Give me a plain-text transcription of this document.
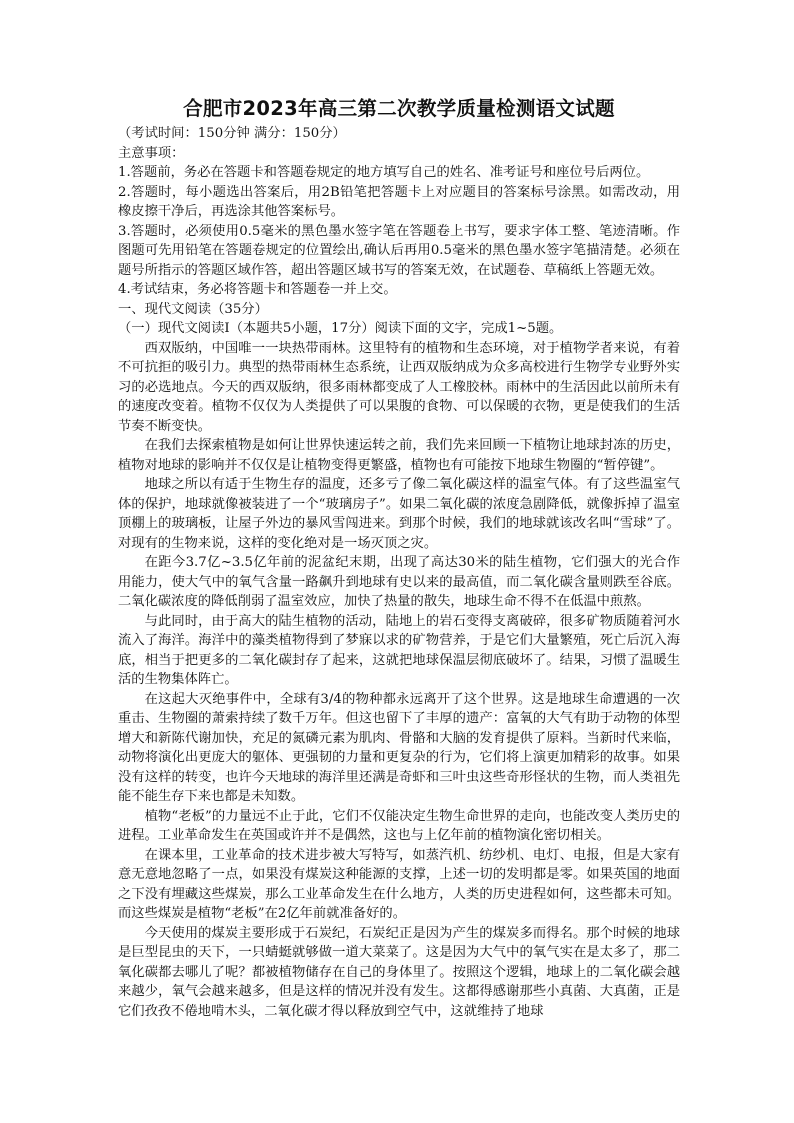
合肥市2023年高三第二次教学质量检测语文试题

（考试时间：150分钟 满分：150分）

主意事项：

1.答题前，务必在答题卡和答题卷规定的地方填写自己的姓名、准考证号和座位号后两位。

2.答题时，每小题选出答案后，用2B铅笔把答题卡上对应题目的答案标号涂黑。如需改动，用橡皮擦干净后，再选涂其他答案标号。

3.答题时，必须使用0.5毫米的黑色墨水签字笔在答题卷上书写，要求字体工整、笔迹清晰。作图题可先用铅笔在答题卷规定的位置绘出,确认后再用0.5毫米的黑色墨水签字笔描清楚。必须在题号所指示的答题区域作答，超出答题区域书写的答案无效，在试题卷、草稿纸上答题无效。

4.考试结束，务必将答题卡和答题卷一并上交。

一、现代文阅读（35分）

（一）现代文阅读Ⅰ（本题共5小题，17分）阅读下面的文字，完成1~5题。

西双版纳，中国唯一一块热带雨林。这里特有的植物和生态环境，对于植物学者来说，有着不可抗拒的吸引力。典型的热带雨林生态系统，让西双版纳成为众多高校进行生物学专业野外实习的必选地点。今天的西双版纳，很多雨林都变成了人工橡胶林。雨林中的生活因此以前所未有的速度改变着。植物不仅仅为人类提供了可以果腹的食物、可以保暖的衣物，更是使我们的生活节奏不断变快。

在我们去探索植物是如何让世界快速运转之前，我们先来回顾一下植物让地球封冻的历史，植物对地球的影响并不仅仅是让植物变得更繁盛，植物也有可能按下地球生物圈的“暂停键”。

地球之所以有适于生物生存的温度，还多亏了像二氧化碳这样的温室气体。有了这些温室气体的保护，地球就像被装进了一个“玻璃房子”。如果二氧化碳的浓度急剧降低，就像拆掉了温室顶棚上的玻璃板，让屋子外边的暴风雪闯进来。到那个时候，我们的地球就该改名叫“雪球”了。对现有的生物来说，这样的变化绝对是一场灭顶之灾。

在距今3.7亿~3.5亿年前的泥盆纪末期，出现了高达30米的陆生植物，它们强大的光合作用能力，使大气中的氧气含量一路飙升到地球有史以来的最高值，而二氧化碳含量则跌至谷底。二氧化碳浓度的降低削弱了温室效应，加快了热量的散失，地球生命不得不在低温中煎熬。

与此同时，由于高大的陆生植物的活动，陆地上的岩石变得支离破碎，很多矿物质随着河水流入了海洋。海洋中的藻类植物得到了梦寐以求的矿物营养，于是它们大量繁殖，死亡后沉入海底，相当于把更多的二氧化碳封存了起来，这就把地球保温层彻底破坏了。结果，习惯了温暖生活的生物集体阵亡。

在这起大灭绝事件中，全球有3/4的物种都永远离开了这个世界。这是地球生命遭遇的一次重击、生物圈的萧索持续了数千万年。但这也留下了丰厚的遗产：富氧的大气有助于动物的体型增大和新陈代谢加快，充足的氮磷元素为肌肉、骨骼和大脑的发育提供了原料。当新时代来临，动物将演化出更庞大的躯体、更强韧的力量和更复杂的行为，它们将上演更加精彩的故事。如果没有这样的转变，也许今天地球的海洋里还满是奇虾和三叶虫这些奇形怪状的生物，而人类祖先能不能生存下来也都是未知数。

植物“老板”的力量远不止于此，它们不仅能决定生物生命世界的走向，也能改变人类历史的进程。工业革命发生在英国或许并不是偶然，这也与上亿年前的植物演化密切相关。

在课本里，工业革命的技术进步被大写特写，如蒸汽机、纺纱机、电灯、电报，但是大家有意无意地忽略了一点，如果没有煤炭这种能源的支撑，上述一切的发明都是零。如果英国的地面之下没有埋藏这些煤炭，那么工业革命发生在什么地方，人类的历史进程如何，这些都未可知。而这些煤炭是植物“老板”在2亿年前就准备好的。

今天使用的煤炭主要形成于石炭纪，石炭纪正是因为产生的煤炭多而得名。那个时候的地球是巨型昆虫的天下，一只蜻蜓就够做一道大菜菜了。这是因为大气中的氧气实在是太多了，那二氧化碳都去哪儿了呢？都被植物储存在自己的身体里了。按照这个逻辑，地球上的二氧化碳会越来越少，氧气会越来越多，但是这样的情况并没有发生。这都得感谢那些小真菌、大真菌，正是它们孜孜不倦地啃木头，二氧化碳才得以释放到空气中，这就维持了地球
